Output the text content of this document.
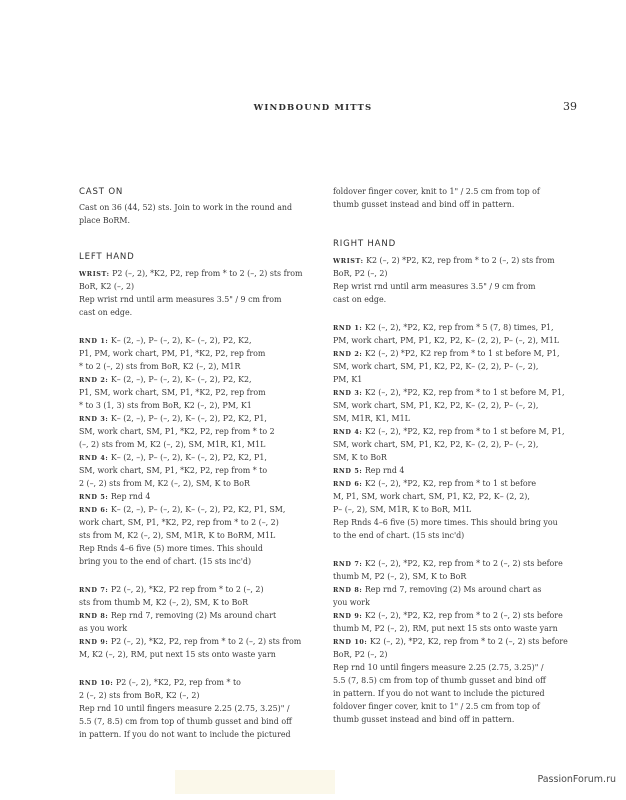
WINDBOUND MITTS	39
CAST ON
Cast on 36 (44, 52) sts. Join to work in the round and
place BoRM.
LEFT HAND
WRIST: P2 (–, 2), *K2, P2, rep from * to 2 (–, 2) sts from
BoR, K2 (–, 2)
Rep wrist rnd until arm measures 3.5" / 9 cm from
cast on edge.
RND 1: K– (2, –), P– (–, 2), K– (–, 2), P2, K2,
P1, PM, work chart, PM, P1, *K2, P2, rep from
* to 2 (–, 2) sts from BoR, K2 (–, 2), M1R
RND 2: K– (2, –), P– (–, 2), K– (–, 2), P2, K2,
P1, SM, work chart, SM, P1, *K2, P2, rep from
* to 3 (1, 3) sts from BoR, K2 (–, 2), PM, K1
RND 3: K– (2, –), P– (–, 2), K– (–, 2), P2, K2, P1,
SM, work chart, SM, P1, *K2, P2, rep from * to 2
(–, 2) sts from M, K2 (–, 2), SM, M1R, K1, M1L
RND 4: K– (2, –), P– (–, 2), K– (–, 2), P2, K2, P1,
SM, work chart, SM, P1, *K2, P2, rep from * to
2 (–, 2) sts from M, K2 (–, 2), SM, K to BoR
RND 5: Rep rnd 4
RND 6: K– (2, –), P– (–, 2), K– (–, 2), P2, K2, P1, SM,
work chart, SM, P1, *K2, P2, rep from * to 2 (–, 2)
sts from M, K2 (–, 2), SM, M1R, K to BoRM, M1L
Rep Rnds 4–6 five (5) more times. This should
bring you to the end of chart. (15 sts inc'd)
RND 7: P2 (–, 2), *K2, P2 rep from * to 2 (–, 2)
sts from thumb M, K2 (–, 2), SM, K to BoR
RND 8: Rep rnd 7, removing (2) Ms around chart
as you work
RND 9: P2 (–, 2), *K2, P2, rep from * to 2 (–, 2) sts from
M, K2 (–, 2), RM, put next 15 sts onto waste yarn
RND 10: P2 (–, 2), *K2, P2, rep from * to
2 (–, 2) sts from BoR, K2 (–, 2)
Rep rnd 10 until fingers measure 2.25 (2.75, 3.25)" /
5.5 (7, 8.5) cm from top of thumb gusset and bind off
in pattern. If you do not want to include the pictured
foldover finger cover, knit to 1" / 2.5 cm from top of
thumb gusset instead and bind off in pattern.
RIGHT HAND
WRIST: K2 (–, 2) *P2, K2, rep from * to 2 (–, 2) sts from
BoR, P2 (–, 2)
Rep wrist rnd until arm measures 3.5" / 9 cm from
cast on edge.
RND 1: K2 (–, 2), *P2, K2, rep from * 5 (7, 8) times, P1,
PM, work chart, PM, P1, K2, P2, K– (2, 2), P– (–, 2), M1L
RND 2: K2 (–, 2) *P2, K2 rep from * to 1 st before M, P1,
SM, work chart, SM, P1, K2, P2, K– (2, 2), P– (–, 2),
PM, K1
RND 3: K2 (–, 2), *P2, K2, rep from * to 1 st before M, P1,
SM, work chart, SM, P1, K2, P2, K– (2, 2), P– (–, 2),
SM, M1R, K1, M1L
RND 4: K2 (–, 2), *P2, K2, rep from * to 1 st before M, P1,
SM, work chart, SM, P1, K2, P2, K– (2, 2), P– (–, 2),
SM, K to BoR
RND 5: Rep rnd 4
RND 6: K2 (–, 2), *P2, K2, rep from * to 1 st before
M, P1, SM, work chart, SM, P1, K2, P2, K– (2, 2),
P– (–, 2), SM, M1R, K to BoR, M1L
Rep Rnds 4–6 five (5) more times. This should bring you
to the end of chart. (15 sts inc'd)
RND 7: K2 (–, 2), *P2, K2, rep from * to 2 (–, 2) sts before
thumb M, P2 (–, 2), SM, K to BoR
RND 8: Rep rnd 7, removing (2) Ms around chart as
you work
RND 9: K2 (–, 2), *P2, K2, rep from * to 2 (–, 2) sts before
thumb M, P2 (–, 2), RM, put next 15 sts onto waste yarn
RND 10: K2 (–, 2), *P2, K2, rep from * to 2 (–, 2) sts before
BoR, P2 (–, 2)
Rep rnd 10 until fingers measure 2.25 (2.75, 3.25)" /
5.5 (7, 8.5) cm from top of thumb gusset and bind off
in pattern. If you do not want to include the pictured
foldover finger cover, knit to 1" / 2.5 cm from top of
thumb gusset instead and bind off in pattern.
PassionForum.ru
